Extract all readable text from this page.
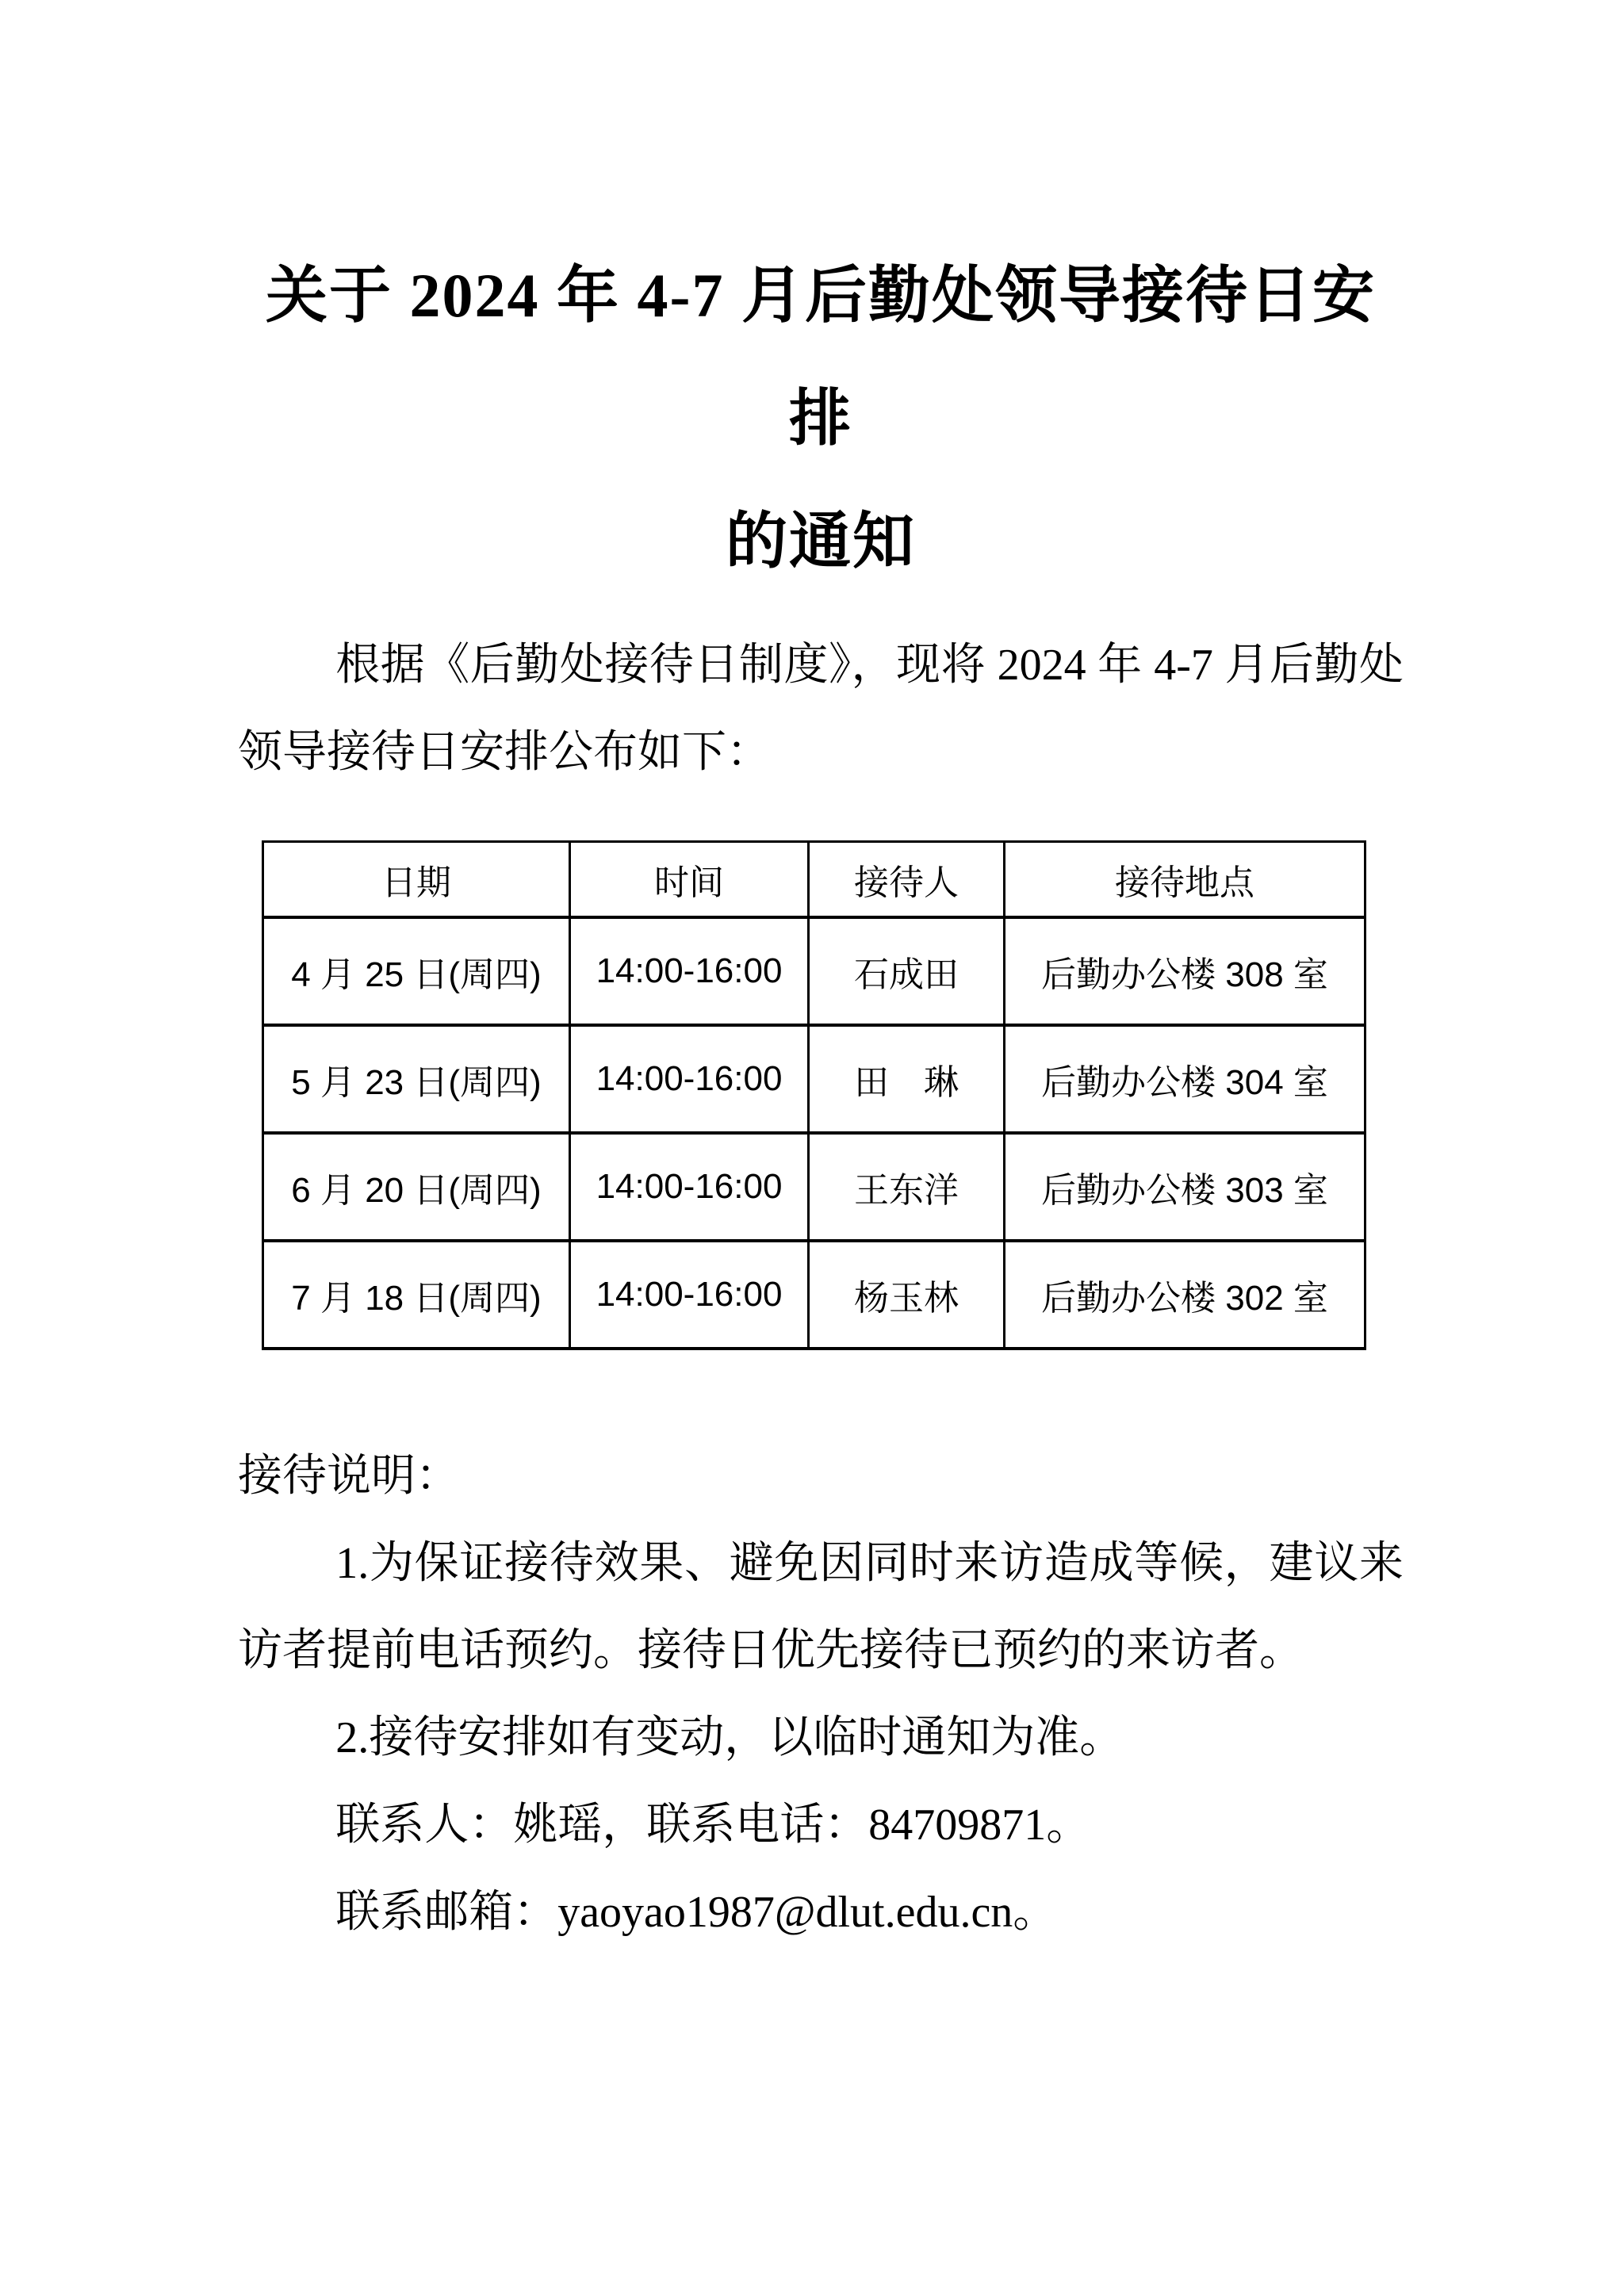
关于 2024 年 4-7 月后勤处领导接待日安排
的通知

根据《后勤处接待日制度》，现将 2024 年 4-7 月后勤处领导接待日安排公布如下：

日期	时间	接待人	接待地点
4 月 25 日(周四)	14:00-16:00	石成田	后勤办公楼 308 室
5 月 23 日(周四)	14:00-16:00	田　琳	后勤办公楼 304 室
6 月 20 日(周四)	14:00-16:00	王东洋	后勤办公楼 303 室
7 月 18 日(周四)	14:00-16:00	杨玉林	后勤办公楼 302 室

接待说明：

1.为保证接待效果、避免因同时来访造成等候，建议来访者提前电话预约。接待日优先接待已预约的来访者。

2.接待安排如有变动，以临时通知为准。

联系人：姚瑶，联系电话：84709871。

联系邮箱：yaoyao1987@dlut.edu.cn。
